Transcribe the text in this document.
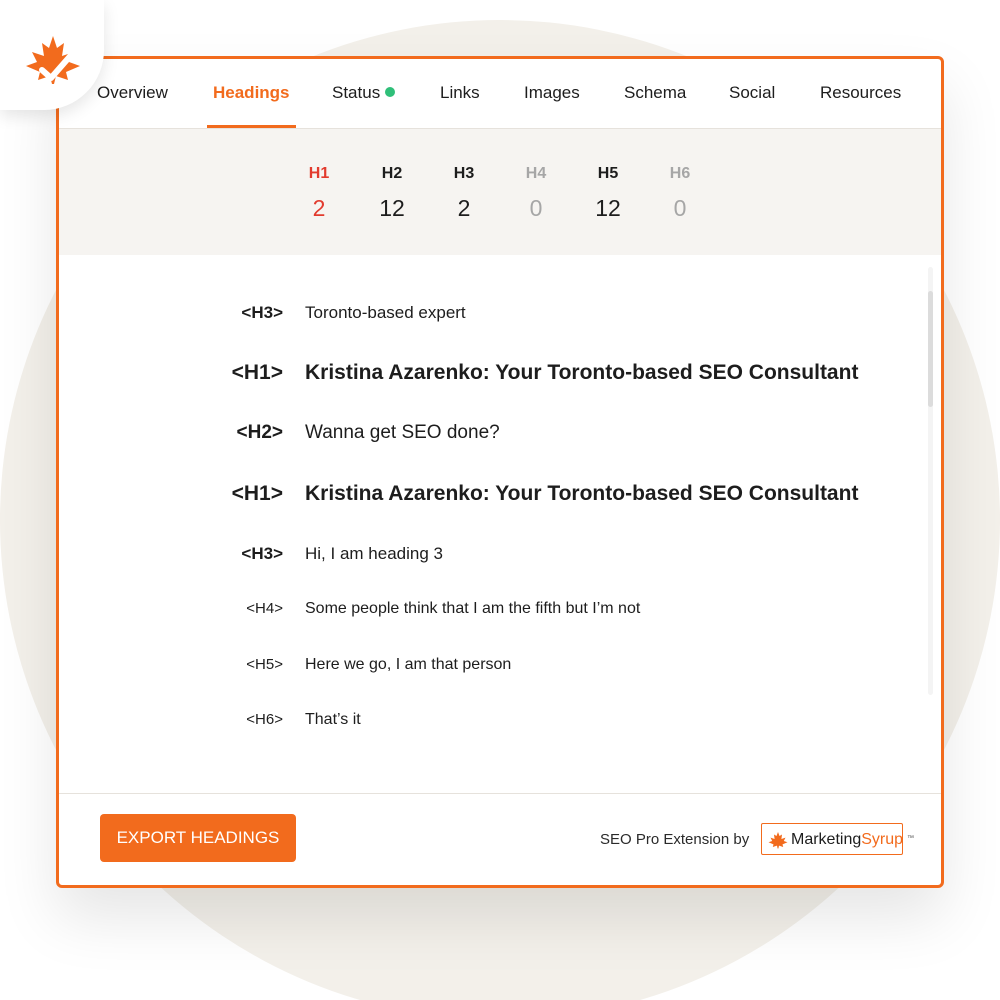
Overview	Headings Status	Links	Images	Schema	Social	Resources
H1
2
H2
12
H3
2
H4
0
H5
12
H6
0
<H3> Toronto-based expert
<H1> Kristina Azarenko: Your Toronto-based SEO Consultant
<H2> Wanna get SEO done?
<H1> Kristina Azarenko: Your Toronto-based SEO Consultant
<H3> Hi, I am heading 3
<H4> Some people think that I am the fifth but I’m not
<H5> Here we go, I am that person
<H6> That’s it
EXPORT HEADINGS	SEO Pro Extension by	MarketingSyrup ™
